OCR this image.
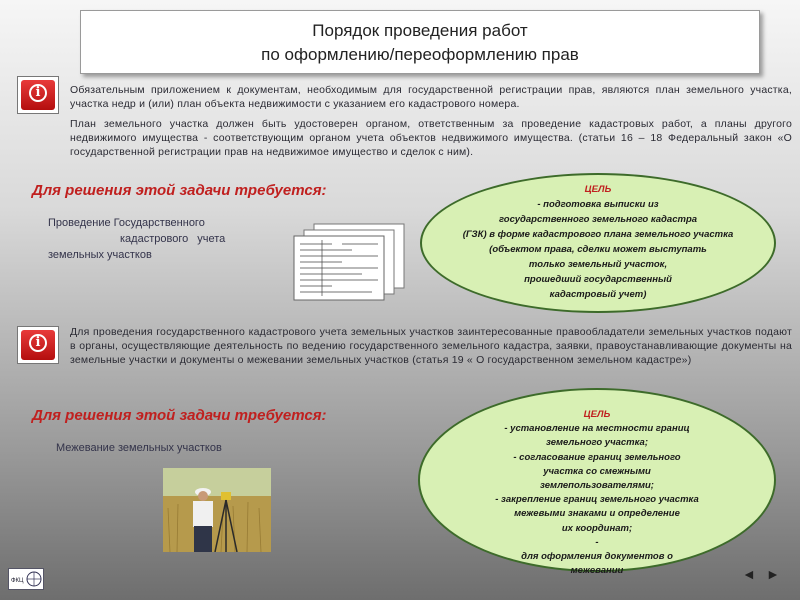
Порядок проведения работ
по оформлению/переоформлению прав
i	Обязательным приложением к документам, необходимым для государственной регистрации прав, являются план земельного участка, участка недр и (или) план объекта недвижимости с указанием его кадастрового номера.
План земельного участка должен быть удостоверен органом, ответственным за проведение кадастровых работ, а планы другого недвижимого имущества - соответствующим органом учета объектов недвижимого имущества. (статьи 16 – 18 Федеральный закон «О государственной регистрации прав на недвижимое имущество и сделок с ним).
Для решения этой задачи требуется:
Проведение Государственного
кадастрового учета
земельных участков
ЦЕЛЬ
- подготовка выписки из
государственного земельного кадастра
(ГЗК) в форме кадастрового плана земельного участка
(объектом права, сделки может выступать
только земельный участок,
прошедший государственный
кадастровый учет)
i
Для проведения государственного кадастрового учета земельных участков заинтересованные правообладатели земельных участков подают в органы, осуществляющие деятельность по ведению государственного земельного кадастра, заявки, правоустанавливающие документы на земельные участки и документы о межевании земельных участков (статья 19 « О государственном земельном кадастре»)
Для решения этой задачи требуется:
Межевание земельных участков
ЦЕЛЬ
- установление на местности границ
земельного участка;
- согласование границ земельного
участка со смежными
землепользователями;
- закрепление границ земельного участка
межевыми знаками и определение
их координат;
-
для оформления документов о
межевании
ФКЦ	◄ ►
